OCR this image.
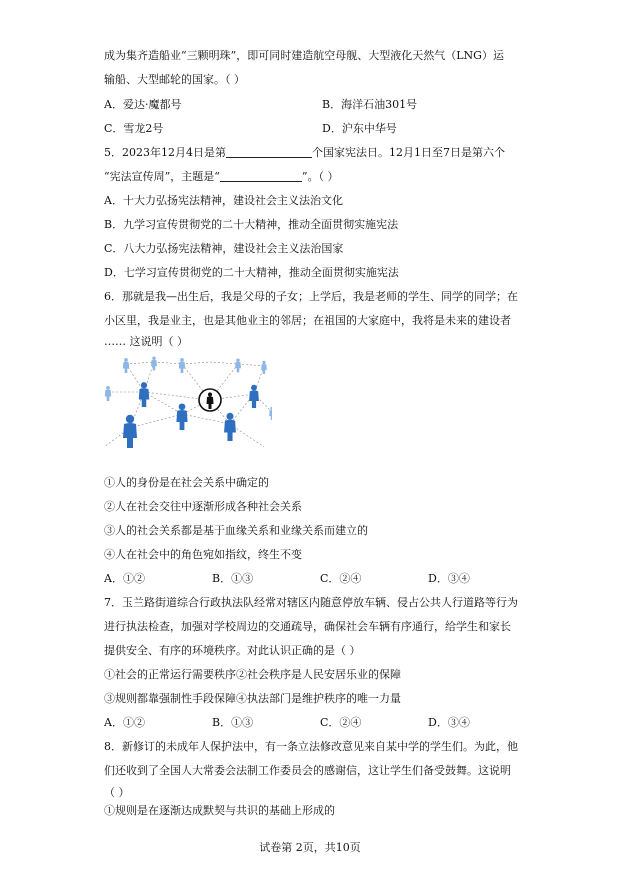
成为集齐造船业“三颗明珠”，即可同时建造航空母舰、大型液化天然气（LNG）运
输船、大型邮轮的国家。（ ）
A．爱达·魔都号	B．海洋石油301号
C．雪龙2号	D．沪东中华号
5．2023年12月4日是第	个国家宪法日。12月1日至7日是第六个
“宪法宣传周”，主题是“	”。（ ）
A．十大力弘扬宪法精神，建设社会主义法治文化
B．九学习宣传贯彻党的二十大精神，推动全面贯彻实施宪法
C．八大力弘扬宪法精神，建设社会主义法治国家
D．七学习宣传贯彻党的二十大精神，推动全面贯彻实施宪法
6．那就是我—出生后，我是父母的子女；上学后，我是老师的学生、同学的同学；在
小区里，我是业主，也是其他业主的邻居；在祖国的大家庭中，我将是未来的建设者
…… 这说明（ ）
①人的身份是在社会关系中确定的
②人在社会交往中逐渐形成各种社会关系
③人的社会关系都是基于血缘关系和业缘关系而建立的
④人在社会中的角色宛如指纹，终生不变
A．①②	B．①③	C．②④	D．③④
7．玉兰路街道综合行政执法队经常对辖区内随意停放车辆、侵占公共人行道路等行为
进行执法检查，加强对学校周边的交通疏导，确保社会车辆有序通行，给学生和家长
提供安全、有序的环境秩序。对此认识正确的是（ ）
①社会的正常运行需要秩序②社会秩序是人民安居乐业的保障
③规则都靠强制性手段保障④执法部门是维护秩序的唯一力量
A．①②	B．①③	C．②④	D．③④
8．新修订的未成年人保护法中，有一条立法修改意见来自某中学的学生们。为此，他
们还收到了全国人大常委会法制工作委员会的感谢信，这让学生们备受鼓舞。这说明
（ ）
①规则是在逐渐达成默契与共识的基础上形成的
试卷第 2页，共10页
